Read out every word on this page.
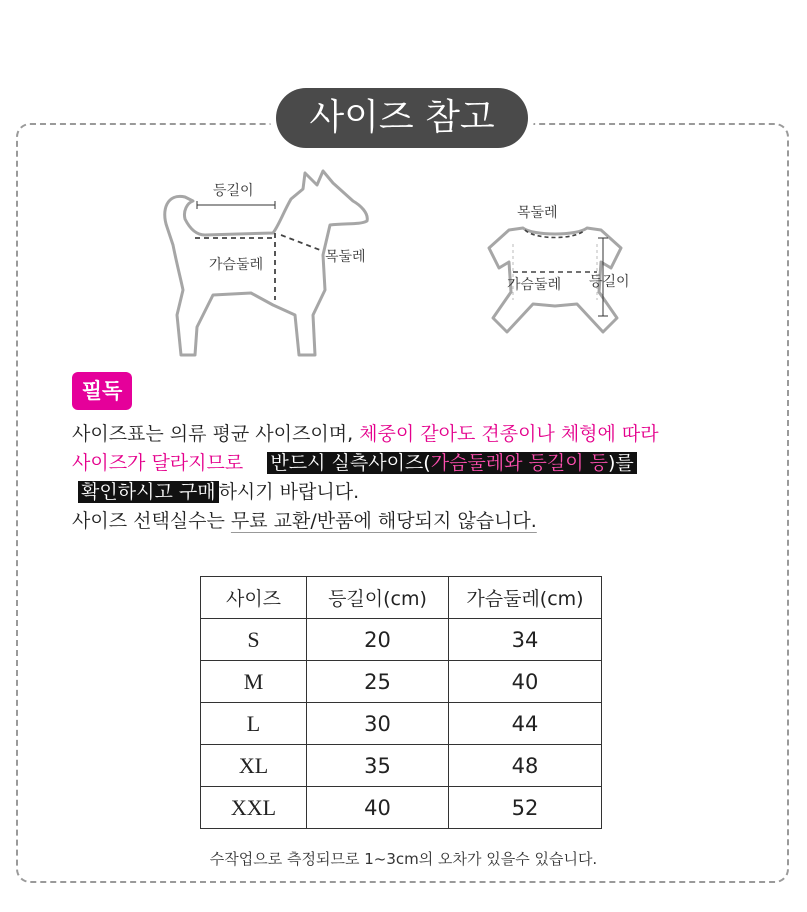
사이즈 참고
등길이
가슴둘레	목둘레
목둘레
가슴둘레 등길이
필독
사이즈표는 의류 평균 사이즈이며, 체중이 같아도 견종이나 체형에 따라
사이즈가 달라지므로 반드시 실측사이즈(가슴둘레와 등길이 등)를
확인하시고 구매 하시기 바랍니다.
사이즈 선택실수는 무료 교환/반품에 해당되지 않습니다.
사이즈	등길이(cm)	가슴둘레(cm)
S	20	34
M	25	40
L	30	44
XL	35	48
XXL	40	52
수작업으로 측정되므로 1~3cm의 오차가 있을수 있습니다.
